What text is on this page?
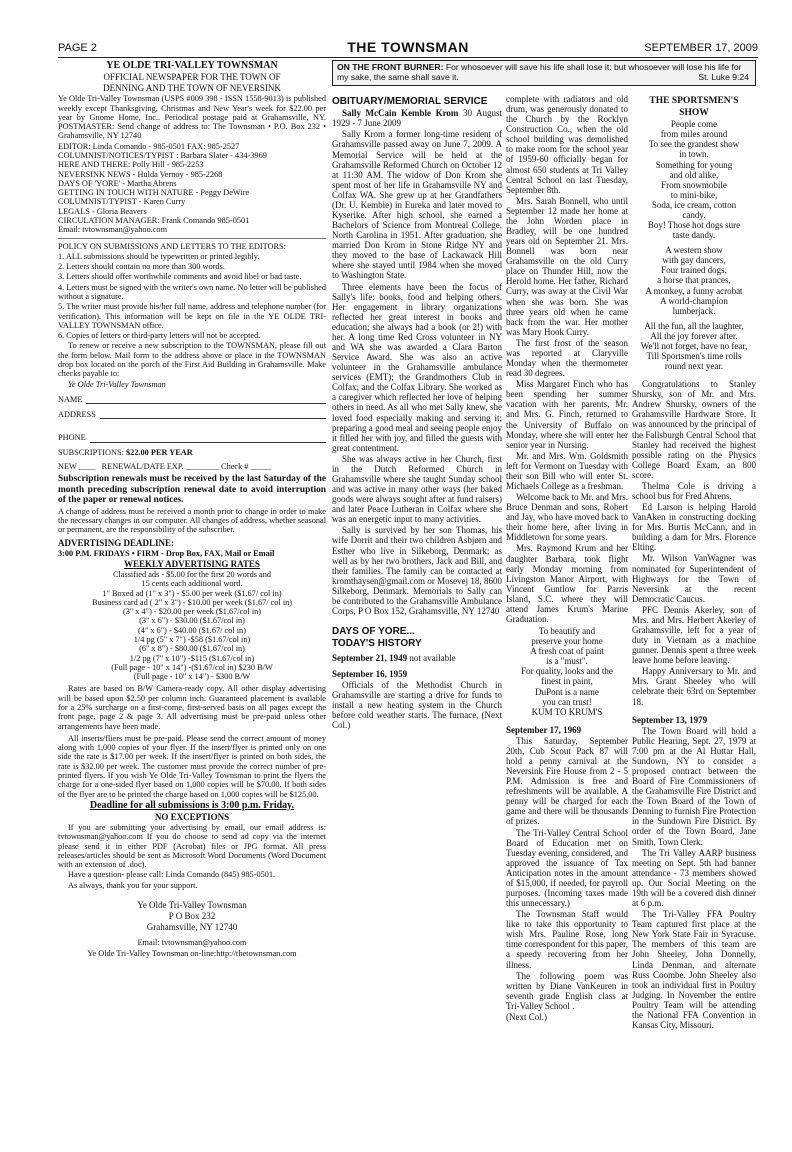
PAGE 2	THE TOWNSMAN	SEPTEMBER 17, 2009
ON THE FRONT BURNER: For whosoever will save his life shall lose it: but whosoever will lose his life for my sake, the same shall save it.	St. Luke 9:24

YE OLDE TRI-VALLEY TOWNSMAN

OFFICIAL NEWSPAPER FOR THE TOWN OF

DENNING AND THE TOWN OF NEVERSINK

Ye Olde Tri-Valley Townsman (USPS #009 398 - ISSN 1558-9013) is published weekly except Thanksgiving, Christmas and New Year's week for $22.00 per year by Gnome Home, Inc.. Periodical postage paid at Grahamsville, NY. POSTMASTER: Send change of address to: The Townsman • P.O. Box 232 • Grahamsville, NY 12740

EDITOR: Linda Comando - 985-0501 FAX: 985-2527
COLUMNIST/NOTICES/TYPIST : Barbara Slater - 434-3969
HERE AND THERE: Polly Hill - 985-2253
NEVERSINK NEWS - Hulda Vernoy - 985-2268
DAYS OF 'YORE' - Martha Abrens
GETTING IN TOUCH WITH NATURE - Peggy DeWire
COLUMNIST/TYPIST - Karen Curry
LEGALS - Gloria Beavers
CIRCULATION MANAGER: Frank Comando 985-0501
Email: tvtownsman@yahoo.com

POLICY ON SUBMISSIONS AND LETTERS TO THE EDITORS:

1. ALL submissions should be typewritten or printed legibly.

2. Letters should contain no more than 300 words.

3. Letters should offer worthwhile comments and avoid libel or bad taste.

4. Letters must be signed with the writer's own name. No letter will be published without a signature.

5. The writer must provide his/her full name, address and telephone number (for verification). This information will be kept on file in the YE OLDE TRI-VALLEY TOWNSMAN office.

6. Copies of letters or third-party letters will not be accepted.

To renew or receive a new subscription to the TOWNSMAN, please fill out the form below. Mail form to the address above or place in the TOWNSMAN drop box located on the porch of the First Aid Building in Grahamsville. Make checks payable to:

Ye Olde Tri-Valley Townsman

NAME
ADDRESS
PHONE

SUBSCRIPTIONS: $22.00 PER YEAR

NEW ____   RENEWAL/DATE EXP. ________ Check # _____

Subscription renewals must be received by the last Saturday of the month preceding subscription renewal date to avoid interruption of the paper or renewal notices.

A change of address must be received a month prior to change in order to make the necessary changes in our computer. All changes of address, whether seasonal or permanent, are the responsibility of the subscriber.

ADVERTISING DEADLINE:

3:00 P.M. FRIDAYS • FIRM - Drop Box, FAX, Mail or Email

WEEKLY ADVERTISING RATES

Classified ads - $5.00 for the first 20 words and

15 cents each additional word.

1" Boxed ad (1" x 3") - $5.00 per week ($1.67/ col in)

Business card ad ( 2" x 3") - $10.00 per week ($1.67/ col in)

(3" x 4") - $20.00 per week ($1.67/col in)

(3" x 6") - $30.00 ($1.67/col in)

(4" x 6") - $40.00 ($1.67/ col in)

1/4 pg (5" x 7") -$58 ($1.67/col in)

(6" x 8") - $80.00 ($1.67/col in)

1/2 pg (7" x 10") -$115 ($1.67/col in)

(Full page - 10" x 14") -($1.67/col in) $230 B/W

(Full page - 10" x 14") - $300 B/W

Rates are based on B/W Camera-ready copy. All other display advertising will be based upon $2.50 per column inch. Guaranteed placement is available for a 25% surcharge on a first-come, first-served basis on all pages except the front page, page 2 & page 3. All advertising must be pre-paid unless other arrangements have been made.

All inserts/fliers must be pre-paid. Please send the correct amount of money along with 1,000 copies of your flyer. If the insert/flyer is printed only on one side the rate is $17.00 per week. If the insert/flyer is printed on both sides, the rate is $32.00 per week. The customer must provide the correct number of pre-printed flyers. If you wish Ye Olde Tri-Valley Townsman to print the flyers the charge for a one-sided flyer based on 1,000 copies will be $70.00. If both sides of the flyer are to be printed the charge based on 1,000 copies will be $125.00.

Deadline for all submissions is 3:00 p.m. Friday.

NO EXCEPTIONS

If you are submitting your advertising by email, our email address is: tvtownsman@yahoo.com If you do choose to send ad copy via the internet please send it in either PDF (Acrobat) files or JPG format. All press releases/articles should be sent as Microsoft Word Documents (Word Document with an extension of .doc).

Have a question- please call: Linda Comando (845) 985-0501.

As always, thank you for your support.

Ye Olde Tri-Valley Townsman

P O Box 232

Grahamsville, NY 12740

Email: tvtownsman@yahoo.com

Ye Olde Tri-Valley Townsman on-line:http://thetownsman.com

OBITUARY/MEMORIAL SERVICE

Sally McCain Kemble Krom 30 August 1929 - 7 June 2009

Sally Krom a former long-time resident of Grahamsville passed away on June 7, 2009. A Memorial Service will be held at the Grahamsville Reformed Church on October 12 at 11:30 AM. The widow of Don Krom she spent most of her life in Grahamsville NY and Colfax WA. She grew up at her Grandfathers (Dr. U. Kemble) in Eureka and later moved to Kyserike. After high school, she earned a Bachelors of Science from Montreal College, North Carolina in 1951. After graduation, she married Don Krom in Stone Ridge NY and they moved to the base of Lackawack Hill where she stayed until 1984 when she moved to Washington State.

Three elements have been the focus of Sally's life: books, food and helping others. Her engagement in library organizations reflected her great interest in books and education; she always had a book (or 2!) with her. A long time Red Cross volunteer in NY and WA she was awarded a Clara Barton Service Award. She was also an active volunteer in the Grahamsville ambulance services (EMT); the Grandmothers Club in Colfax; and the Colfax Library. She worked as a caregiver which reflected her love of helping others in need. As all who met Sally knew, she loved food especially making and serving it; preparing a good meal and seeing people enjoy it filled her with joy, and filled the guests with great contentment.

She was always active in her Church, first in the Dutch Reformed Church in Grahamsville where she taught Sunday school and was active in many other ways (her baked goods were always sought after at fund raisers) and later Peace Lutheran in Colfax where she was an energetic input to many activities.

Sally is survived by her son Thomas, his wife Dorrit and their two children Asbjørn and Esther who live in Silkeborg, Denmark; as well as by her two brothers, Jack and Bill, and their families. The family can be contacted at kromthaysen@gmail.com or Mosevej 18, 8600 Silkeborg, Denmark. Memorials to Sally can be contributed to the Grahamsville Ambulance Corps, P O Box 152, Grahamsville, NY 12740

DAYS OF YORE...

TODAY'S HISTORY

September 21, 1949 not available

September 16, 1959

Officials of the Methodist Church in Grahamsville are starting a drive for funds to install a new heating system in the Church before cold weather starts. The furnace, (Next Col.)

complete with radiators and old drum, was generously donated to the Church by the Rocklyn Construction Co., when the old school building was demolished to make room for the school year of 1959-60 officially began for almost 650 students at Tri Valley Central School on last Tuesday, September 8th.

Mrs. Sarah Bonnell, who until September 12 made her home at the John Worden place in Bradley, will be one hundred years old on September 21. Mrs. Bonnell was born near Grahamsville on the old Curry place on Thunder Hill, now the Herold home. Her father, Richard Curry, was away at the Civil War when she was born. She was three years old when he came back from the war. Her mother was Mary Hook Curry.

The first frost of the season was reported at Claryville Monday when the thermometer read 30 degrees.

Miss Margaret Finch who has been spending her summer vacation with her parents, Mr. and Mrs. G. Finch, returned to the University of Buffalo on Monday, where she will enter her senior year in Nursing.

Mr. and Mrs. Wm. Goldsmith left for Vermont on Tuesday with their son Bill who will enter St. Michaels College as a freshman.

Welcome back to Mr. and Mrs. Bruce Denman and sons, Robert and Jay, who have moved back to their home here, after living in Middletown for some years.

Mrs. Raymond Krum and her daughter Barbara, took flight early Monday morning from Livingston Manor Airport, with Vincent Guntlow for Parris Island, S.C. where they will attend James Krum's Marine Graduation.

To beautify and

preserve your home

A fresh coat of paint

is a "must".

For quality, looks and the

finest in paint,

DuPont is a name

you can trust!

KUM TO KRUM'S

September 17, 1969

This Saturday, September 20th, Cub Scout Pack 87 will hold a penny carnival at the Neversink Fire House from 2 - 5 P.M. Admission is free and refreshments will be available. A penny will be charged for each game and there will be thousands of prizes.

The Tri-Valley Central School Board of Education met on Tuesday evening, considered, and approved the issuance of Tax Anticipation notes in the amount of $15,000, if needed, for payroll purposes. (Incoming taxes made this unnecessary.)

The Townsman Staff would like to take this opportunity to wish Mrs. Pauline Rose, long time correspondent for this paper, a speedy recovering from her illness.

The following poem was written by Diane VanKeuren in seventh grade English class at Tri-Valley School .

(Next Col.)

THE SPORTSMEN'S

SHOW

People come

from miles around

To see the grandest show

in town.

Something for young

and old alike,

From snowmobile

to mini-bike,

Soda, ice cream, cotton

candy.

Boy! Those hot dogs sure

taste dandy.

A western show

with gay dancers,

Four trained dogs,

a horse that prances,

A monkey, a funny acrobat

A world-champion

lumberjack.

All the fun, all the laughter,

All the joy forever after.

We'll not forget, have no fear,

Till Sportsmen's time rolls

round next year.

Congratulations to Stanley Shursky, son of Mr. and Mrs. Andrew Shursky, owners of the Grahamsville Hardware Store. It was announced by the principal of the Fallsburgh Central School that Stanley had received the highest possible rating on the Physics College Board Exam, an 800 score.

Thelma Cole is driving a school bus for Fred Ahrens.

Ed Larson is helping Harold VanAken in constructing docking for Mrs. Burtis McCann, and in building a dam for Mrs. Florence Elting.

Mr. Wilson VanWagner was nominated for Superintendent of Highways for the Town of Neversink at the recent Democratic Caucus.

PFC Dennis Akerley, son of Mrs. and Mrs. Herbert Akerley of Grahamsville, left for a year of duty in Vietnam as a machine gunner. Dennis spent a three week leave home before leaving.

Happy Anniversary to Mr. and Mrs. Grant Sheeley who will celebrate their 63rd on September 18.

September 13, 1979

The Town Board will hold a Public Hearing, Sept. 27, 1979 at 7:00 pm at the Al Huttar Hall, Sundown, NY to consider a proposed contract between the Board of Fire Commissioners of the Grahamsville Fire District and the Town Board of the Town of Denning to furnish Fire Protection in the Sundown Fire District. By order of the Town Board, Jane Smith, Town Clerk.

The Tri Valley AARP business meeting on Sept. 5th had banner attendance - 73 members showed up. Our Social Meeting on the 19th will be a covered dish dinner at 6 p.m.

The Tri-Valley FFA Poultry Team captured first place at the New York State Fair in Syracuse. The members of this team are John Sheeley, John Donnelly, Linda Denman, and alternate Russ Coombe. John Sheeley also took an individual first in Poultry Judging. In November the entire Poultry Team will be attending the National FFA Convention in Kansas City, Missouri.
